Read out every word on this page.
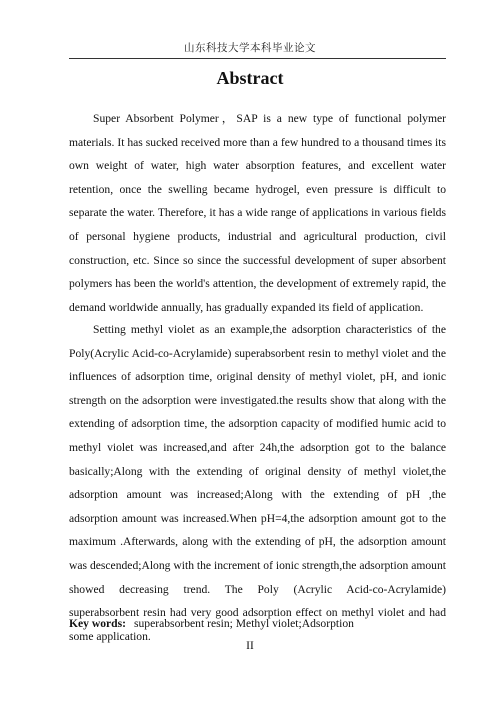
山东科技大学本科毕业论文
Abstract

Super Absorbent Polymer，SAP is a new type of functional polymer materials. It has sucked received more than a few hundred to a thousand times its own weight of water, high water absorption features, and excellent water retention, once the swelling became hydrogel, even pressure is difficult to separate the water. Therefore, it has a wide range of applications in various fields of personal hygiene products, industrial and agricultural production, civil construction, etc. Since so since the successful development of super absorbent polymers has been the world's attention, the development of extremely rapid, the demand worldwide annually, has gradually expanded its field of application.

Setting methyl violet as an example,the adsorption characteristics of the Poly(Acrylic Acid-co-Acrylamide) superabsorbent resin to methyl violet and the influences of adsorption time, original density of methyl violet, pH, and ionic strength on the adsorption were investigated.the results show that along with the extending of adsorption time, the adsorption capacity of modified humic acid to methyl violet was increased,and after 24h,the adsorption got to the balance basically;Along with the extending of original density of methyl violet,the adsorption amount was increased;Along with the extending of pH ,the adsorption amount was increased.When pH=4,the adsorption amount got to the maximum .Afterwards, along with the extending of pH, the adsorption amount was descended;Along with the increment of ionic strength,the adsorption amount showed decreasing trend. The Poly (Acrylic Acid-co-Acrylamide) superabsorbent resin had very good adsorption effect on methyl violet and had some application.

Key words: superabsorbent resin; Methyl violet;Adsorption

II
